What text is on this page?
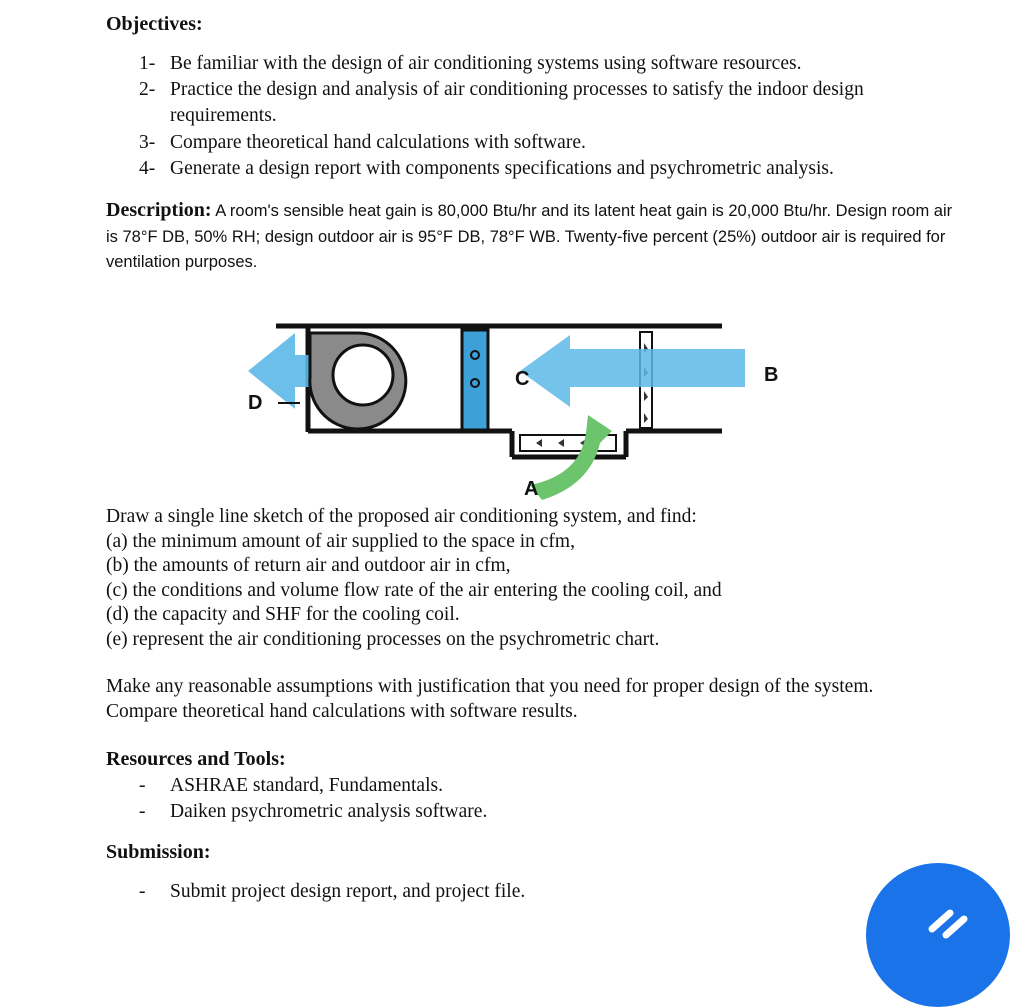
Objectives:
1- Be familiar with the design of air conditioning systems using software resources.
2- Practice the design and analysis of air conditioning processes to satisfy the indoor design
requirements.
3- Compare theoretical hand calculations with software.
4- Generate a design report with components specifications and psychrometric analysis.

Description: A room's sensible heat gain is 80,000 Btu/hr and its latent heat gain is 20,000 Btu/hr. Design room air is 78°F DB, 50% RH; design outdoor air is 95°F DB, 78°F WB. Twenty-five percent (25%) outdoor air is required for ventilation purposes.

D
C	B
A

Draw a single line sketch of the proposed air conditioning system, and find:
(a) the minimum amount of air supplied to the space in cfm,
(b) the amounts of return air and outdoor air in cfm,
(c) the conditions and volume flow rate of the air entering the cooling coil, and
(d) the capacity and SHF for the cooling coil.
(e) represent the air conditioning processes on the psychrometric chart.

Make any reasonable assumptions with justification that you need for proper design of the system.
Compare theoretical hand calculations with software results.

Resources and Tools:
- ASHRAE standard, Fundamentals.
- Daiken psychrometric analysis software.
Submission:
- Submit project design report, and project file.
